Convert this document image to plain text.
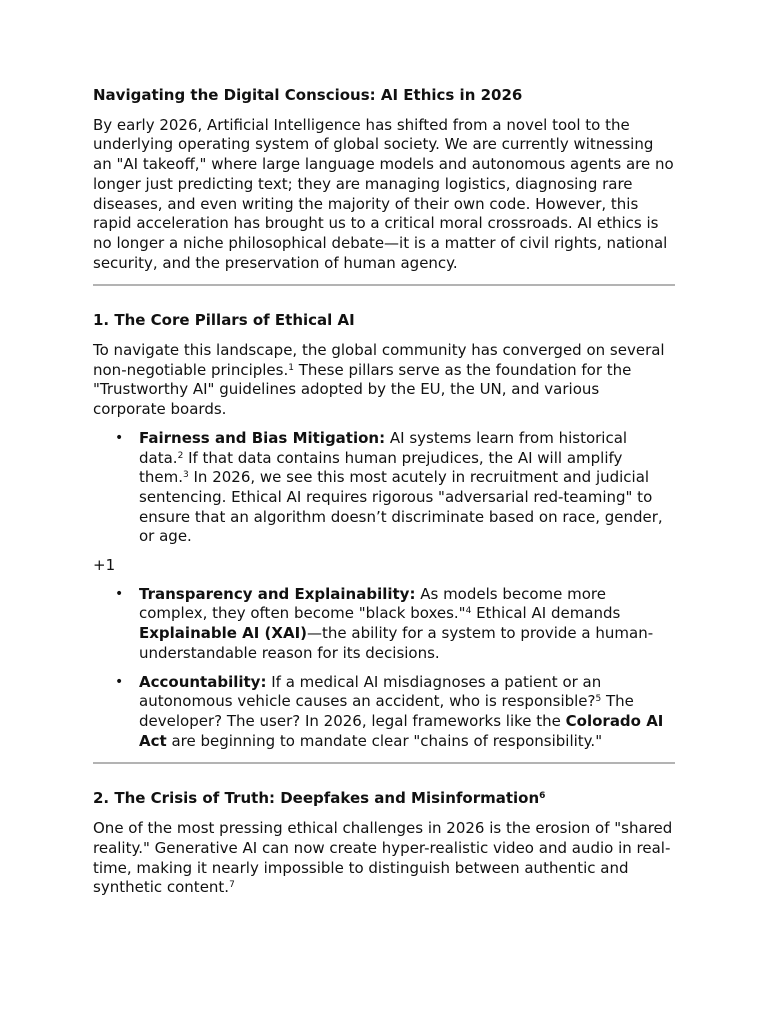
Navigating the Digital Conscious: AI Ethics in 2026

By early 2026, Artificial Intelligence has shifted from a novel tool to the underlying operating system of global society. We are currently witnessing an "AI takeoff," where large language models and autonomous agents are no longer just predicting text; they are managing logistics, diagnosing rare diseases, and even writing the majority of their own code. However, this rapid acceleration has brought us to a critical moral crossroads. AI ethics is no longer a niche philosophical debate—it is a matter of civil rights, national security, and the preservation of human agency.

1. The Core Pillars of Ethical AI

To navigate this landscape, the global community has converged on several non-negotiable principles.$^1$ These pillars serve as the foundation for the "Trustworthy AI" guidelines adopted by the EU, the UN, and various corporate boards.

• Fairness and Bias Mitigation: AI systems learn from historical data.$^2$ If that data contains human prejudices, the AI will amplify them.$^3$ In 2026, we see this most acutely in recruitment and judicial sentencing. Ethical AI requires rigorous "adversarial red-teaming" to ensure that an algorithm doesn’t discriminate based on race, gender, or age.

+1

• Transparency and Explainability: As models become more complex, they often become "black boxes."$^4$ Ethical AI demands Explainable AI (XAI)—the ability for a system to provide a human-understandable reason for its decisions.
• Accountability: If a medical AI misdiagnoses a patient or an autonomous vehicle causes an accident, who is responsible?$^5$ The developer? The user? In 2026, legal frameworks like the Colorado AI Act are beginning to mandate clear "chains of responsibility."
2. The Crisis of Truth: Deepfakes and Misinformation$^6$

One of the most pressing ethical challenges in 2026 is the erosion of "shared reality." Generative AI can now create hyper-realistic video and audio in real-time, making it nearly impossible to distinguish between authentic and synthetic content.$^7$
